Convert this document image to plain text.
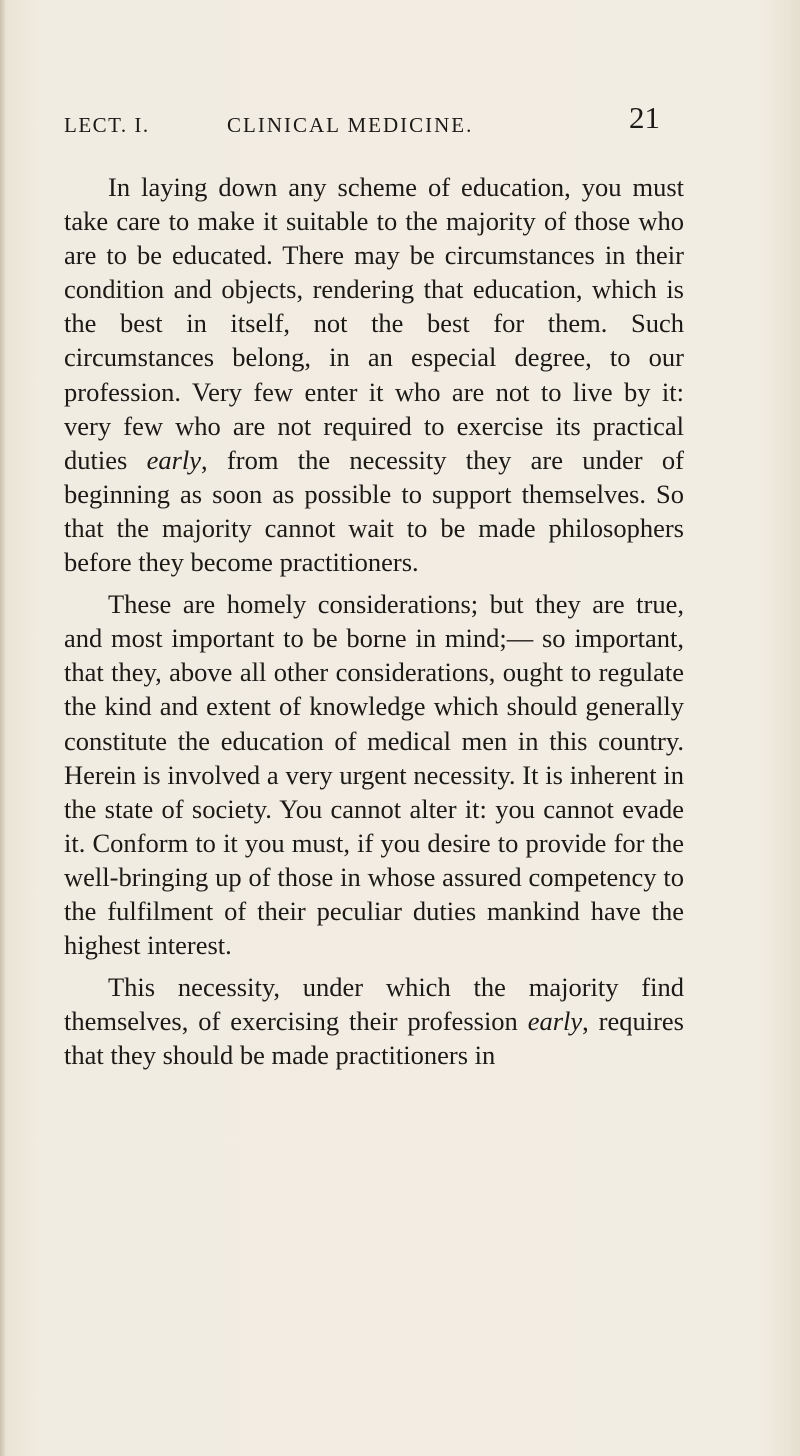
LECT. I.	CLINICAL MEDICINE.	21

In laying down any scheme of education, you must take care to make it suitable to the majority of those who are to be educated. There may be circumstances in their condition and objects, rendering that education, which is the best in itself, not the best for them. Such circumstances belong, in an especial degree, to our profession. Very few enter it who are not to live by it: very few who are not required to exercise its practical duties early, from the necessity they are under of beginning as soon as possible to support themselves. So that the majority cannot wait to be made philosophers before they become practitioners.

These are homely considerations; but they are true, and most important to be borne in mind;— so important, that they, above all other considerations, ought to regulate the kind and extent of knowledge which should generally constitute the education of medical men in this country. Herein is involved a very urgent necessity. It is inherent in the state of society. You cannot alter it: you cannot evade it. Conform to it you must, if you desire to provide for the well-bringing up of those in whose assured competency to the fulfilment of their peculiar duties mankind have the highest interest.

This necessity, under which the majority find themselves, of exercising their profession early, requires that they should be made practitioners in
